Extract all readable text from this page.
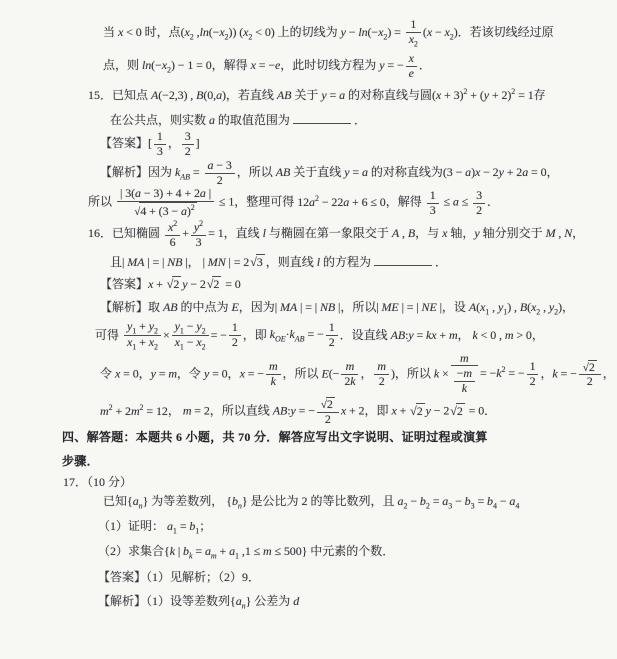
当 x < 0 时，点($x_2$ $,\ln(-x_2)$) $(x_2 < 0)$ 上的切线为 $y - \ln(-x_2) = \frac{1}{x_2} (x - x_2)$．若该切线经过原
点，则 $\ln(-x_2) - 1 = 0$，解得 x = −e，此时切线方程为 y = − $\frac{x}{e}$ ．
15．已知点 A(−2,3) , B(0,a)，若直线 AB 关于 y = a 的对称直线与圆$(x + 3)^2 + (y + 2)^2 = 1$存
在公共点，则实数 a 的取值范围为	．
【答案】[ $\frac{1}{3}$ ， $\frac{3}{2}$ ]
【解析】因为 $k_{AB} = \frac{a - 3}{2}$ ，所以 AB 关于直线 y = a 的对称直线为(3 − a)x − 2y + 2a = 0，
所以 $\frac{| 3(a - 3) + 4 + 2a |}{√4 + (3 - a)^2} \le 1$，整理可得 $12a^2 - 22a + 6 \le 0$，解得 $\frac{1}{3} \le a \le \frac{3}{2}$ ．
16．已知椭圆 $\frac{x^2}{6} + \frac{y^2}{3} = 1$，直线 l 与椭圆在第一象限交于 A , B，与 x 轴，y 轴分别交于 M , N，
且| MA | = | NB |， | MN | = 2√3 ，则直线 l 的方程为	．
【答案】x + √2 y − 2√2 = 0
【解析】取 AB 的中点为 E，因为| MA | = | NB |，所以| ME | = | NE |，设 $A(x_1$ , $y_1$) , $B(x_2$ , $y_2$)，
可得 $\frac{y_1 + y_2}{x_1 + x_2} \times \frac{y_1 - y_2}{x_1 - x_2}$ = − $\frac{1}{2}$ ，即 $k_{OE}\cdot k_{AB}$ = − $\frac{1}{2}$ ．设直线 AB:y = kx + m， k < 0 , m > 0，
令 x = 0，y = m，令 y = 0，x = − $\frac{m}{k}$ ，所以 $E(- \frac{m}{2k}$ ， $\frac{m}{2}$ )，所以 $k \times \frac{m}{\frac{-m}{k}} = -k^2$ = − $\frac{1}{2}$ ，k = − $\frac{√2}{2}$ ，
$m^2 + 2m^2 = 12$， m = 2，所以直线 AB:y = − $\frac{√2}{2}$ x + 2，即 x + √2 y − 2√2 = 0．
四、解答题：本题共 6 小题，共 70 分．解答应写出文字说明、证明过程或演算
步骤．
17．（10 分）
已知$\{a_n\}$ 为等差数列， $\{b_n\}$ 是公比为 2 的等比数列，且 $a_2 - b_2 = a_3 - b_3 = b_4 - a_4$
（1）证明： $a_1 = b_1$；
（2）求集合{k | $b_k = a_m + a_1$ ,1 ≤ m ≤ 500} 中元素的个数．
【答案】（1）见解析；（2）9．
【解析】（1）设等差数列$\{a_n\}$ 公差为 d
